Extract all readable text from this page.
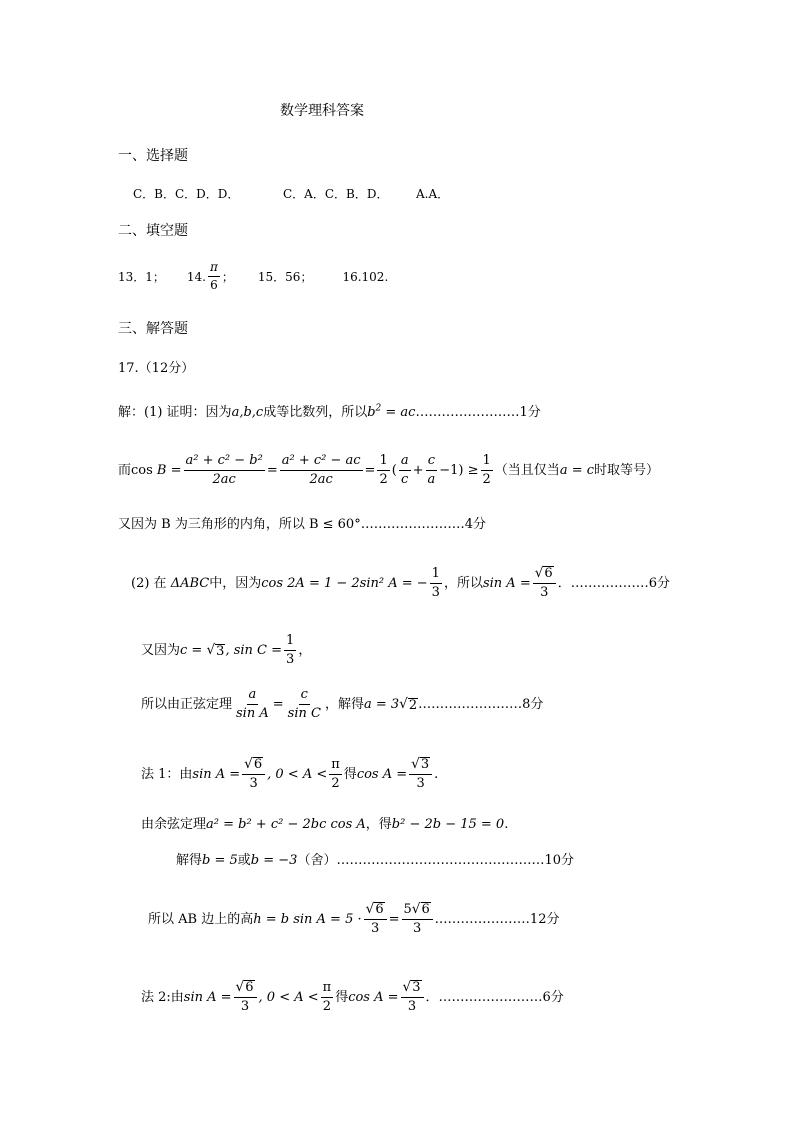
数学理科答案
一、选择题
C．B．C．D．D．	C．A．C．B．D． A.A．
二、填空题
13．1； 14. $\frac{\pi}{6}$ ； 15．56；	16.102.
三、解答题
17.（12分）
解：(1) 证明：因为 a,b,c 成等比数列，所以 $b^2$
= ac …………………… 1分
而cos
$B = \frac{\text{a² + c² − b²}}{2ac} = \frac{\text{a² + c² − ac}}{2ac} = \frac{1}{2}$ ( $\frac{a}{c} + \frac{c}{a} -1) \ge \frac{1}{2}$ （当且仅当 a = c 时取等号）
又因为 B 为三角形的内角，所以 B ≤ 60° …………………… 4分
(2) 在
ΔABC 中，因为 cos 2A = 1 − 2sin² A = − $\frac{1}{3}$ ，所以 $\sin A = \frac{√ 6}{3}$ ． ……………… 6分
又因为 c =
√ 3 , $\sin C = \frac{1}{3}$ ，
所以由正弦定理 $\frac{a}{\text{sin A}} = \frac{c}{\text{sin C}}$ ，解得 a = 3 √ 2 …………………… 8分
法 1：由 $\sin A = \frac{√ 6}{3}$ , $0 < A < \frac{\pi}{2}$ 得 $\cos A = \frac{√ 3}{3}$ .
由余弦定理 a² = b² + c² − 2bc cos A ，得 b² − 2b − 15 = 0 .
解得 b = 5 或 b = −3 （舍） ………………………………………… 10分
所以 AB 边上的高 h = b $\sin A = 5 \cdot \frac{√ 6}{3} = \frac{5 √ 6}{3}$ . ………………… 12分
法 2:由 $\sin A = \frac{√ 6}{3}$ , $0 < A < \frac{\pi}{2}$ 得 $\cos A = \frac{√ 3}{3}$ ． …………………… 6分
